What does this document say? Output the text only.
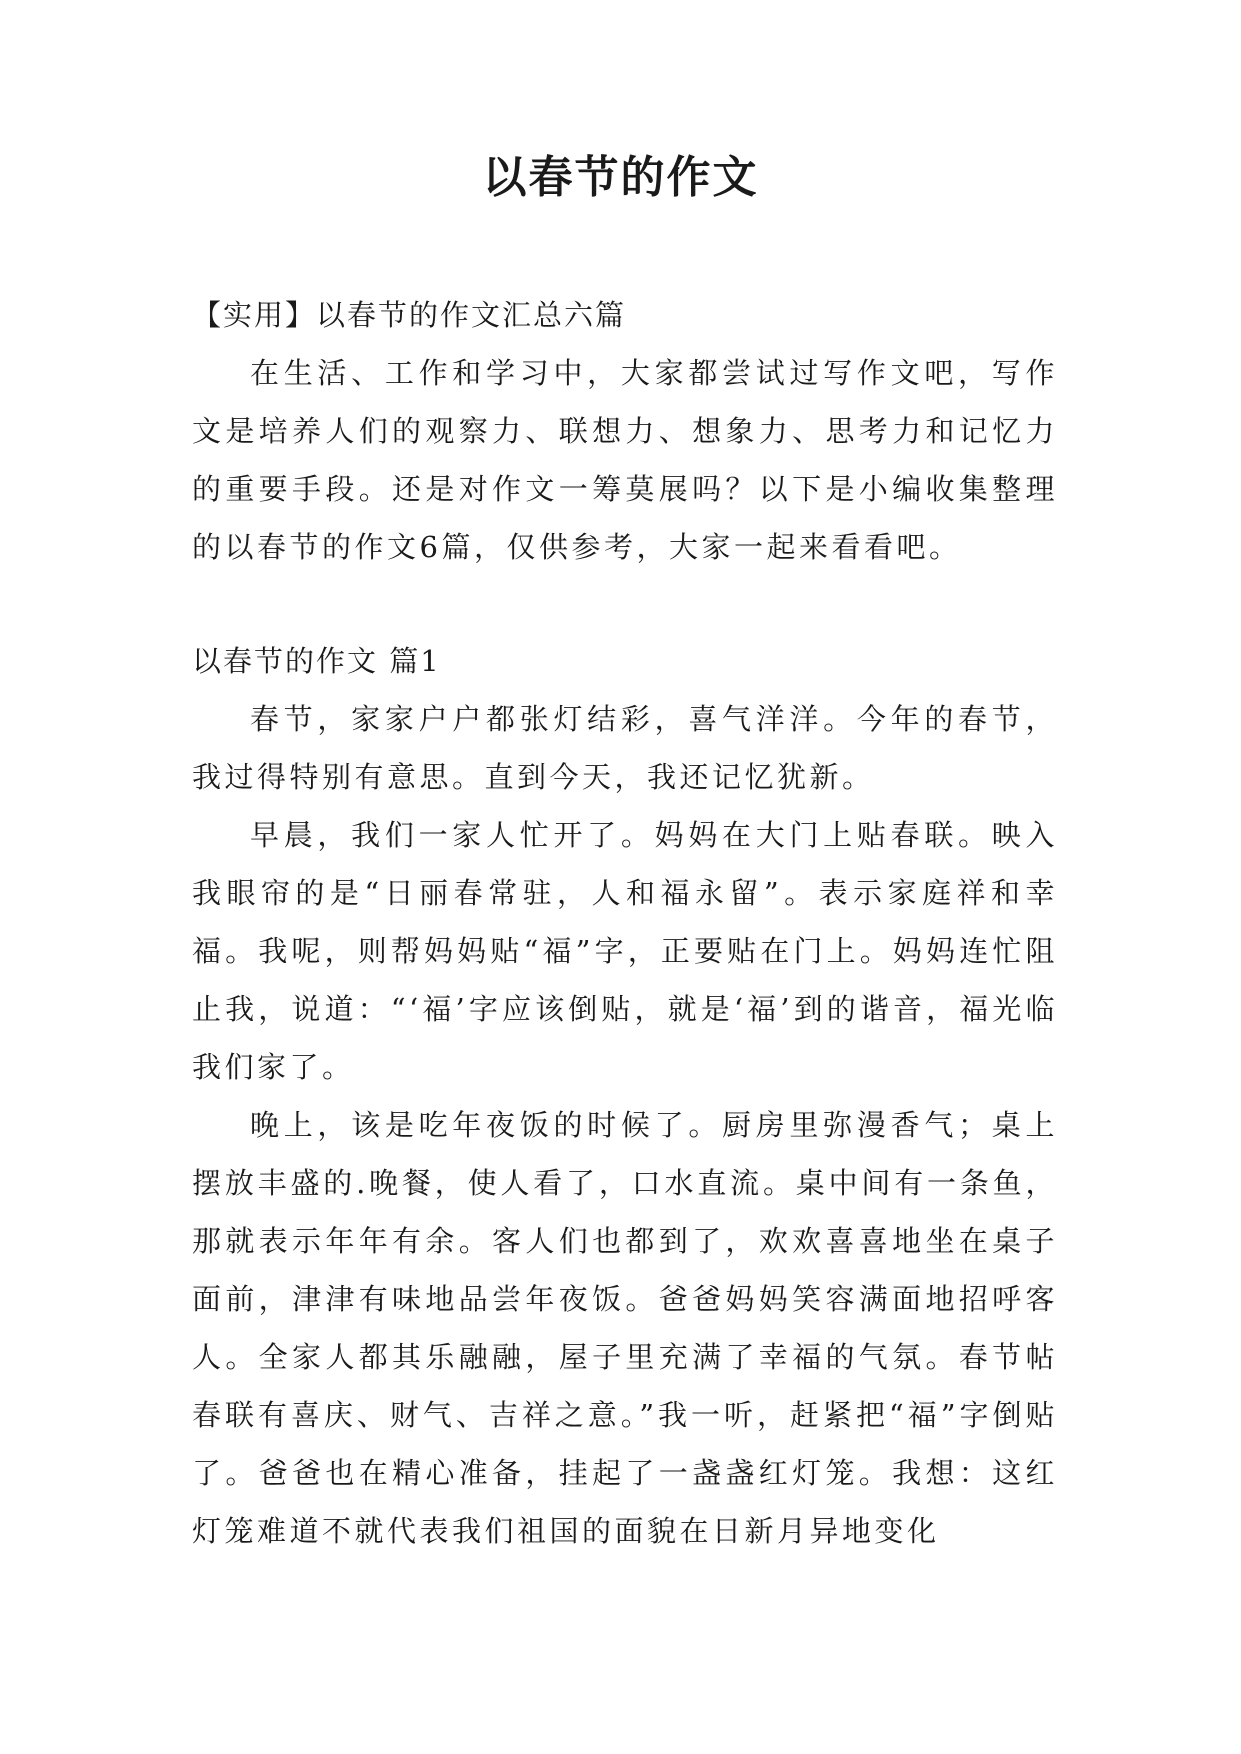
以春节的作文
【实用】以春节的作文汇总六篇

在生活、工作和学习中，大家都尝试过写作文吧，写作文是培养人们的观察力、联想力、想象力、思考力和记忆力的重要手段。还是对作文一筹莫展吗？以下是小编收集整理的以春节的作文6篇，仅供参考，大家一起来看看吧。

以春节的作文 篇1

春节，家家户户都张灯结彩，喜气洋洋。今年的春节，我过得特别有意思。直到今天，我还记忆犹新。

早晨，我们一家人忙开了。妈妈在大门上贴春联。映入我眼帘的是“日丽春常驻，人和福永留”。表示家庭祥和幸福。我呢，则帮妈妈贴“福”字，正要贴在门上。妈妈连忙阻止我，说道：“‘福’字应该倒贴，就是‘福’到的谐音，福光临我们家了。

晚上，该是吃年夜饭的时候了。厨房里弥漫香气；桌上摆放丰盛的.晚餐，使人看了，口水直流。桌中间有一条鱼，那就表示年年有余。客人们也都到了，欢欢喜喜地坐在桌子面前，津津有味地品尝年夜饭。爸爸妈妈笑容满面地招呼客人。全家人都其乐融融，屋子里充满了幸福的气氛。春节帖春联有喜庆、财气、吉祥之意。”我一听，赶紧把“福”字倒贴了。爸爸也在精心准备，挂起了一盏盏红灯笼。我想：这红灯笼难道不就代表我们祖国的面貌在日新月异地变化
